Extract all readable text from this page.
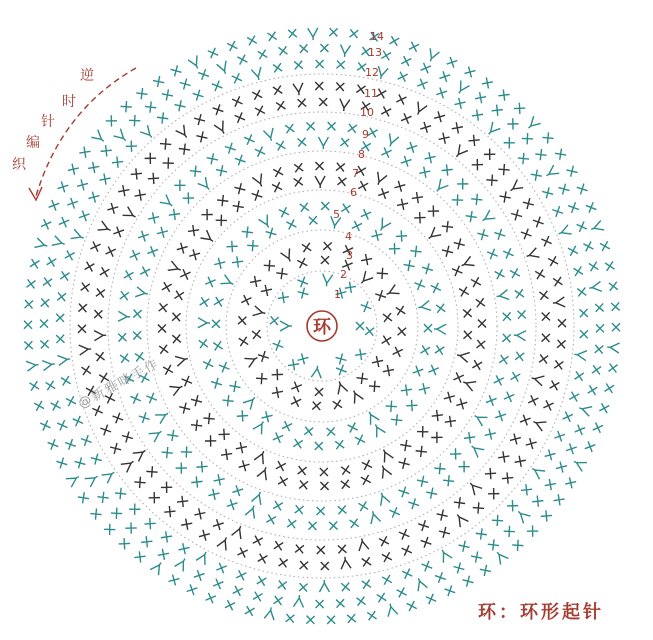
环
1
2
3
4
5
6
7
8
9
10
11
12
13
14
逆
时
针
编
织
@新雅咪手作
环：环形起针
